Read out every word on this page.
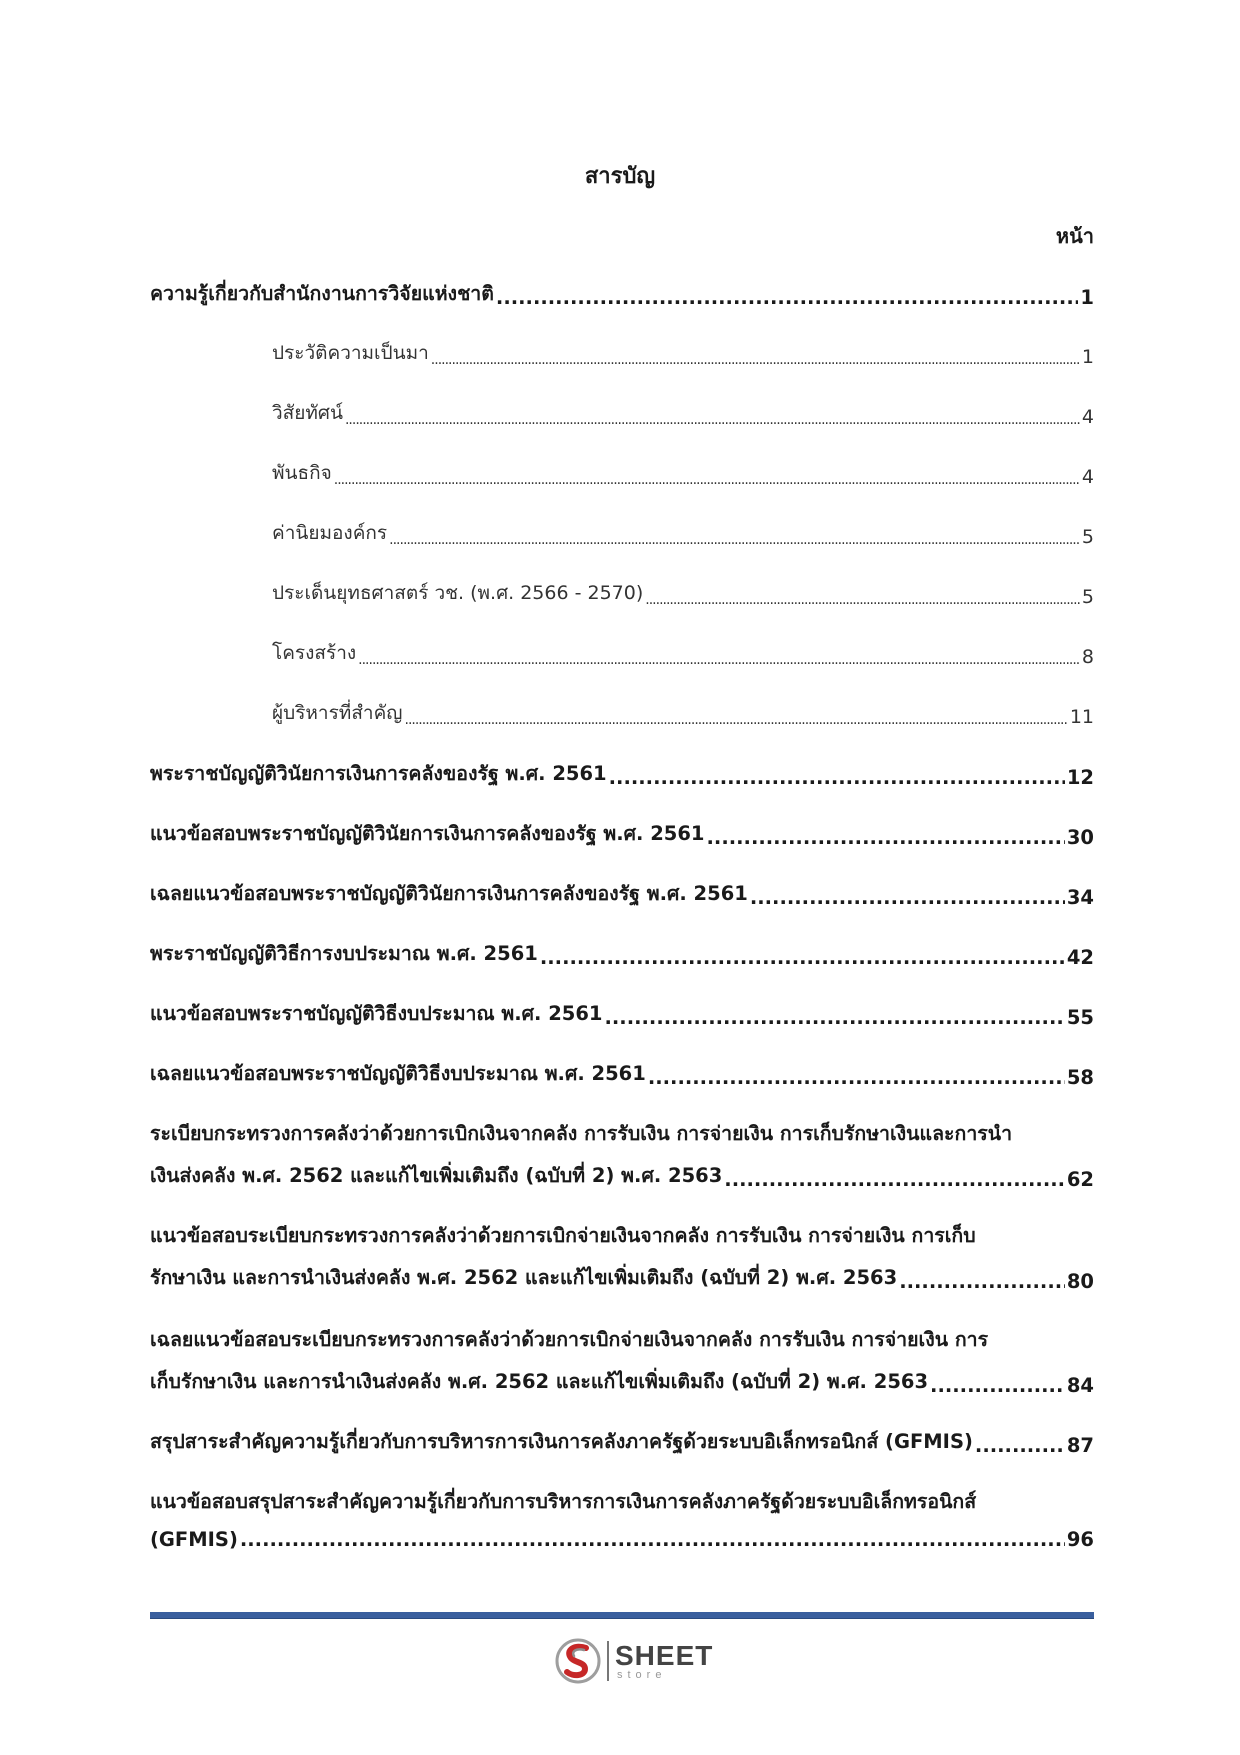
สารบัญ
หน้า
ความรู้เกี่ยวกับสำนักงานการวิจัยแห่งชาติ .....	1
ประวัติความเป็นมา .....	1
วิสัยทัศน์ .....	4
พันธกิจ .....	4
ค่านิยมองค์กร .....	5
ประเด็นยุทธศาสตร์ วช. (พ.ศ. 2566 - 2570) .....	5
โครงสร้าง .....	8
ผู้บริหารที่สำคัญ .....	11
พระราชบัญญัติวินัยการเงินการคลังของรัฐ พ.ศ. 2561 .....	12
แนวข้อสอบพระราชบัญญัติวินัยการเงินการคลังของรัฐ พ.ศ. 2561 .....	30
เฉลยแนวข้อสอบพระราชบัญญัติวินัยการเงินการคลังของรัฐ พ.ศ. 2561 .....	34
พระราชบัญญัติวิธีการงบประมาณ พ.ศ. 2561 .....	42
แนวข้อสอบพระราชบัญญัติวิธีงบประมาณ พ.ศ. 2561 .....	55
เฉลยแนวข้อสอบพระราชบัญญัติวิธีงบประมาณ พ.ศ. 2561 .....	58
ระเบียบกระทรวงการคลังว่าด้วยการเบิกเงินจากคลัง การรับเงิน การจ่ายเงิน การเก็บรักษาเงินและการนำ
เงินส่งคลัง พ.ศ. 2562 และแก้ไขเพิ่มเติมถึง (ฉบับที่ 2) พ.ศ. 2563 .....	62
แนวข้อสอบระเบียบกระทรวงการคลังว่าด้วยการเบิกจ่ายเงินจากคลัง การรับเงิน การจ่ายเงิน การเก็บ
รักษาเงิน และการนำเงินส่งคลัง พ.ศ. 2562 และแก้ไขเพิ่มเติมถึง (ฉบับที่ 2) พ.ศ. 2563 .....	80
เฉลยแนวข้อสอบระเบียบกระทรวงการคลังว่าด้วยการเบิกจ่ายเงินจากคลัง การรับเงิน การจ่ายเงิน การ
เก็บรักษาเงิน และการนำเงินส่งคลัง พ.ศ. 2562 และแก้ไขเพิ่มเติมถึง (ฉบับที่ 2) พ.ศ. 2563 .....	84
สรุปสาระสำคัญความรู้เกี่ยวกับการบริหารการเงินการคลังภาครัฐด้วยระบบอิเล็กทรอนิกส์ (GFMIS) .....	87
แนวข้อสอบสรุปสาระสำคัญความรู้เกี่ยวกับการบริหารการเงินการคลังภาครัฐด้วยระบบอิเล็กทรอนิกส์
(GFMIS) .....	96
SHEET
store
